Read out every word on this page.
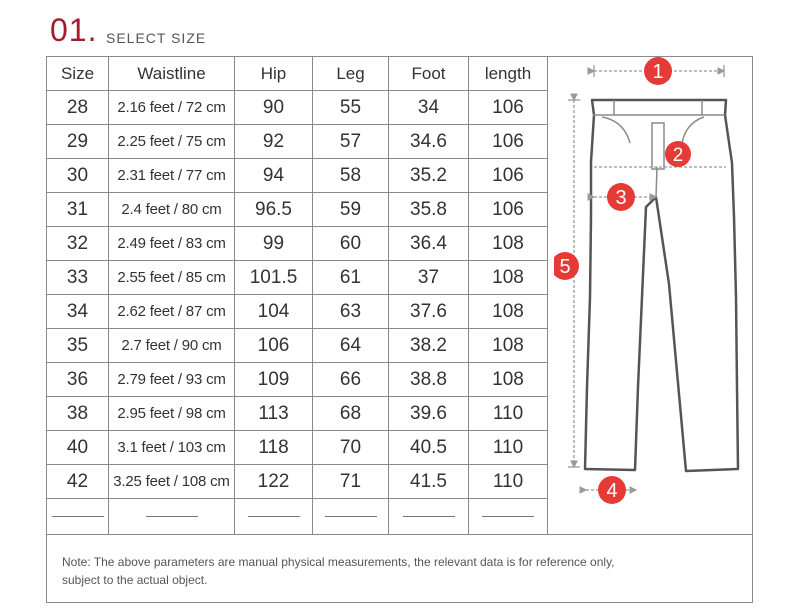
01. SELECT SIZE
Size	Waistline	Hip	Leg	Foot	length
28	2.16 feet / 72 cm	90	55	34	106
29	2.25 feet / 75 cm	92	57	34.6	106
30	2.31 feet / 77 cm	94	58	35.2	106
31	2.4 feet / 80 cm	96.5	59	35.8	106
32	2.49 feet / 83 cm	99	60	36.4	108
33	2.55 feet / 85 cm	101.5	61	37	108
34	2.62 feet / 87 cm	104	63	37.6	108
35	2.7 feet / 90 cm	106	64	38.2	108
36	2.79 feet / 93 cm	109	66	38.8	108
38	2.95 feet / 98 cm	113	68	39.6	110
40	3.1 feet / 103 cm	118	70	40.5	110
42	3.25 feet / 108 cm	122	71	41.5	110

1
2
3
4
5
Note: The above parameters are manual physical measurements, the relevant data is for reference only,
subject to the actual object.
